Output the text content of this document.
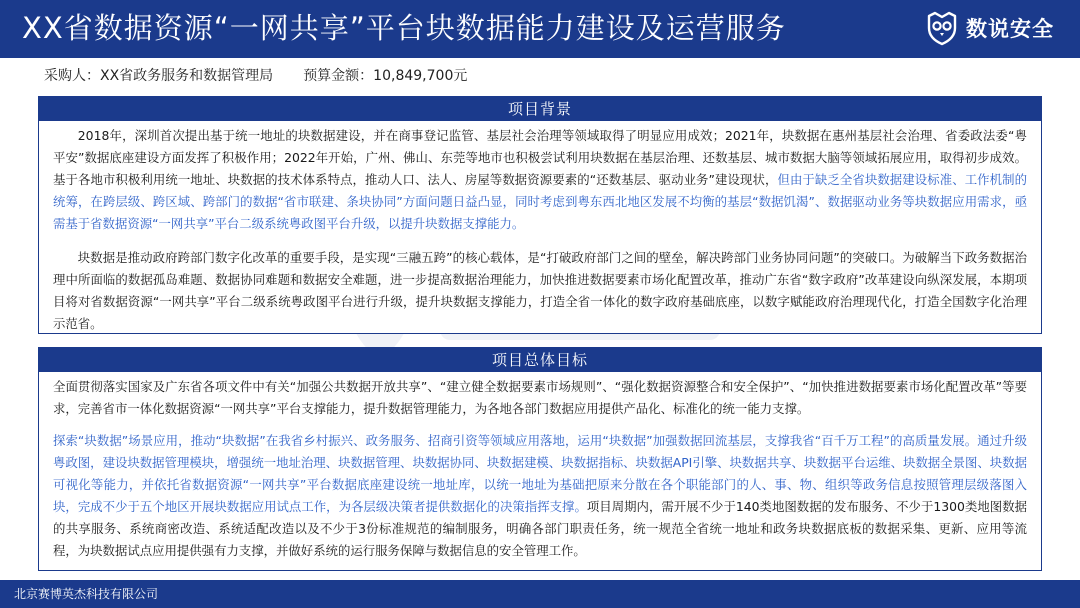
XX省数据资源“一网共享”平台块数据能力建设及运营服务	数说安全
采购人：XX省政务服务和数据管理局 预算金额：10,849,700元
项目背景

2018年，深圳首次提出基于统一地址的块数据建设，并在商事登记监管、基层社会治理等领域取得了明显应用成效；2021年，块数据在惠州基层社会治理、省委政法委“粤平安”数据底座建设方面发挥了积极作用；2022年开始，广州、佛山、东莞等地市也积极尝试利用块数据在基层治理、还数基层、城市数据大脑等领域拓展应用，取得初步成效。基于各地市积极利用统一地址、块数据的技术体系特点，推动人口、法人、房屋等数据资源要素的“还数基层、驱动业务”建设现状，但由于缺乏全省块数据建设标准、工作机制的统筹，在跨层级、跨区域、跨部门的数据“省市联建、条块协同”方面问题日益凸显，同时考虑到粤东西北地区发展不均衡的基层“数据饥渴”、数据驱动业务等块数据应用需求，亟需基于省数据资源“一网共享”平台二级系统粤政图平台升级，以提升块数据支撑能力。

块数据是推动政府跨部门数字化改革的重要手段，是实现“三融五跨”的核心载体，是“打破政府部门之间的壁垒，解决跨部门业务协同问题”的突破口。为破解当下政务数据治理中所面临的数据孤岛难题、数据协同难题和数据安全难题，进一步提高数据治理能力，加快推进数据要素市场化配置改革，推动广东省“数字政府”改革建设向纵深发展，本期项目将对省数据资源“一网共享”平台二级系统粤政图平台进行升级，提升块数据支撑能力，打造全省一体化的数字政府基础底座，以数字赋能政府治理现代化，打造全国数字化治理示范省。

项目总体目标

全面贯彻落实国家及广东省各项文件中有关“加强公共数据开放共享”、“建立健全数据要素市场规则”、“强化数据资源整合和安全保护”、“加快推进数据要素市场化配置改革”等要求，完善省市一体化数据资源“一网共享”平台支撑能力，提升数据管理能力，为各地各部门数据应用提供产品化、标准化的统一能力支撑。

探索“块数据”场景应用，推动“块数据”在我省乡村振兴、政务服务、招商引资等领域应用落地，运用“块数据”加强数据回流基层，支撑我省“百千万工程”的高质量发展。通过升级粤政图，建设块数据管理模块，增强统一地址治理、块数据管理、块数据协同、块数据建模、块数据指标、块数据API引擎、块数据共享、块数据平台运维、块数据全景图、块数据可视化等能力，并依托省数据资源“一网共享”平台数据底座建设统一地址库，以统一地址为基础把原来分散在各个职能部门的人、事、物、组织等政务信息按照管理层级落图入块，完成不少于五个地区开展块数据应用试点工作，为各层级决策者提供数据化的决策指挥支撑。项目周期内，需开展不少于140类地图数据的发布服务、不少于1300类地图数据的共享服务、系统商密改造、系统适配改造以及不少于3份标准规范的编制服务，明确各部门职责任务，统一规范全省统一地址和政务块数据底板的数据采集、更新、应用等流程，为块数据试点应用提供强有力支撑，并做好系统的运行服务保障与数据信息的安全管理工作。

北京赛博英杰科技有限公司
